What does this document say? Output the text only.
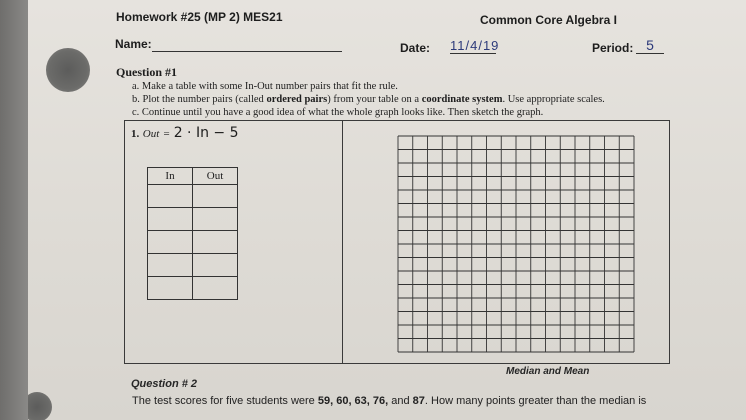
Homework #25 (MP 2) MES21	Common Core Algebra I
Name:	Date: 11/4/19	Period: 5
Question #1
a. Make a table with some In-Out number pairs that fit the rule.
b. Plot the number pairs (called ordered pairs) from your table on a coordinate system. Use appropriate scales.
c. Continue until you have a good idea of what the whole graph looks like. Then sketch the graph.
1. Out = 2 · In − 5
In	Out

Median and Mean
Question # 2
The test scores for five students were 59, 60, 63, 76, and 87. How many points greater than the median is
